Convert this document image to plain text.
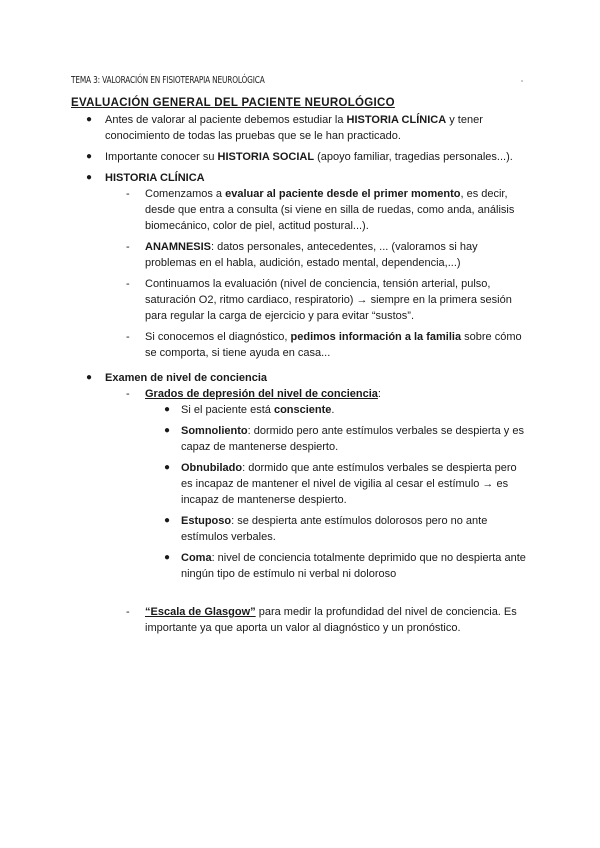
TEMA 3: VALORACIÓN EN FISIOTERAPIA NEUROLÓGICA
EVALUACIÓN GENERAL DEL PACIENTE NEUROLÓGICO
● Antes de valorar al paciente debemos estudiar la HISTORIA CLÍNICA y tener conocimiento de todas las pruebas que se le han practicado.
● Importante conocer su HISTORIA SOCIAL (apoyo familiar, tragedias personales...).
● HISTORIA CLÍNICA
- Comenzamos a evaluar al paciente desde el primer momento, es decir, desde que entra a consulta (si viene en silla de ruedas, como anda, análisis biomecánico, color de piel, actitud postural...).
- ANAMNESIS: datos personales, antecedentes, ... (valoramos si hay problemas en el habla, audición, estado mental, dependencia,...)
- Continuamos la evaluación (nivel de conciencia, tensión arterial, pulso, saturación O2, ritmo cardiaco, respiratorio) → siempre en la primera sesión para regular la carga de ejercicio y para evitar “sustos”.
- Si conocemos el diagnóstico, pedimos información a la familia sobre cómo se comporta, si tiene ayuda en casa...
● Examen de nivel de conciencia
- Grados de depresión del nivel de conciencia:
● Si el paciente está consciente.
● Somnoliento: dormido pero ante estímulos verbales se despierta y es capaz de mantenerse despierto.
● Obnubilado: dormido que ante estímulos verbales se despierta pero es incapaz de mantener el nivel de vigilia al cesar el estímulo → es incapaz de mantenerse despierto.
● Estuposo: se despierta ante estímulos dolorosos pero no ante estímulos verbales.
● Coma: nivel de conciencia totalmente deprimido que no despierta ante ningún tipo de estímulo ni verbal ni doloroso
- “Escala de Glasgow” para medir la profundidad del nivel de conciencia. Es importante ya que aporta un valor al diagnóstico y un pronóstico.
